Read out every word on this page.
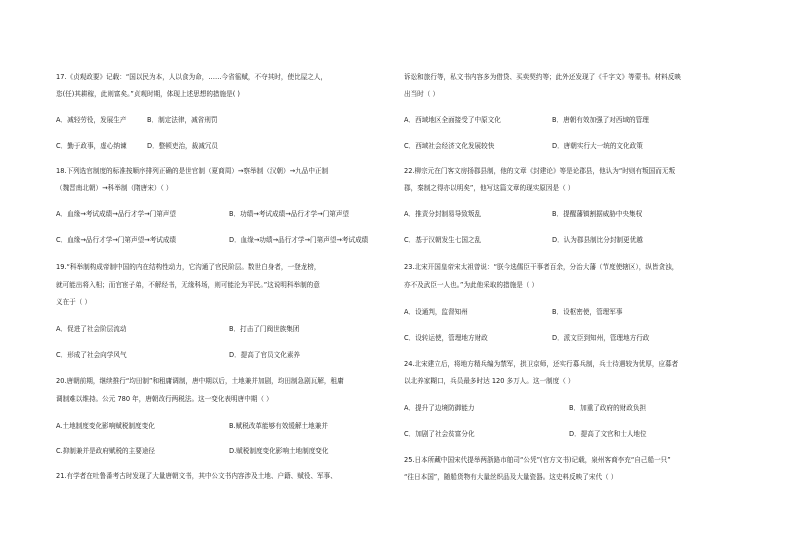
17.《贞观政要》记载：“国以民为本，人以食为命，……今省徭赋，不夺其时，使比屋之人，
恣(任)其耕稼，此则富矣。”贞观时期，体现上述思想的措施是( )
A．减轻劳役，发展生产	B．制定法律，减省刑罚
C．勤于政事，虚心纳谏	D．整顿吏治，裁减冗员
18.下列选官制度的标准按顺序排列正确的是世官制（夏商周）→察举制（汉朝）→九品中正制
（魏晋南北朝）→科举制（隋唐宋）（ ）
A．血缘→考试成绩→品行才学→门第声望	B．功绩→考试成绩→品行才学→门第声望
C．血缘→品行才学→门第声望→考试成绩	D．血缘→功绩→品行才学→门第声望→考试成绩
19.“科举制构成帝制中国的内在结构性动力，它沟通了官民阶层。数世白身者，一登龙榜，
就可能出将入相；而官宦子弟，不解经书，无缘科场，则可能沦为平民。”这说明科举制的意
义在于（ ）
A．促进了社会阶层流动	B．打击了门阀世族集团
C．形成了社会向学风气	D．提高了官员文化素养
20.唐朝前期，继续推行“均田制”和租庸调制，唐中期以后，土地兼并加剧，均田制急剧瓦解，租庸
调制难以维持。公元 780 年，唐朝改行两税法。这一变化表明唐中期（ ）
A.土地制度变化影响赋税制度变化	B.赋税改革能够有效缓解土地兼并
C.抑制兼并是政府赋税的主要途径	D.赋税制度变化影响土地制度变化
21.有学者在吐鲁番考古时发现了大量唐朝文书，其中公文书内容涉及土地、户籍、赋役、军事、
诉讼和旅行等，私文书内容多为借贷、买卖契约等；此外还发现了《千字文》等蒙书。材料反映
出当时（ ）
A．西域地区全面接受了中原文化	B．唐朝有效加强了对西域的管理
C．西域社会经济文化发展较快	D．唐朝实行大一统的文化政策
22.柳宗元在门客文房扬郡县制，他的文章《封建论》等是论郡县，他认为“时则有叛国而无叛
郡，秦制之得亦以明矣”，他写这篇文章的现实原因是（ ）
A．推责分封制易导致叛乱	B．提醒藩镇割据威胁中央集权
C．基于汉朝发生七国之乱	D．认为郡县制比分封制更优越
23.北宋开国皇帝宋太祖曾说：“朕今选儒臣干事者百余，分治大藩（节度使辖区），纵皆贪浊，
亦不及武臣一人也。”为此他采取的措施是（ ）
A．设通判，监督知州	B．设枢密使，管理军事
C．设转运使，管理地方财政	D．派文臣到知州，管理地方行政
24.北宋建立后，将地方精兵编为禁军，拱卫京师，还实行募兵制，兵士待遇较为优厚，应募者
以北养家糊口，兵员最多时达 120 多万人。这一制度（ ）
A．提升了边境防御能力	B．加重了政府的财政负担
C．加剧了社会贫富分化	D．提高了文官和士人地位
25.日本所藏中国宋代提举两浙路市舶司“公凭”(官方文书)记载，泉州客商李充“自己船一只”
“往日本国”，随船货物有大量丝织品及大量瓷器。这史料反映了宋代（ ）
